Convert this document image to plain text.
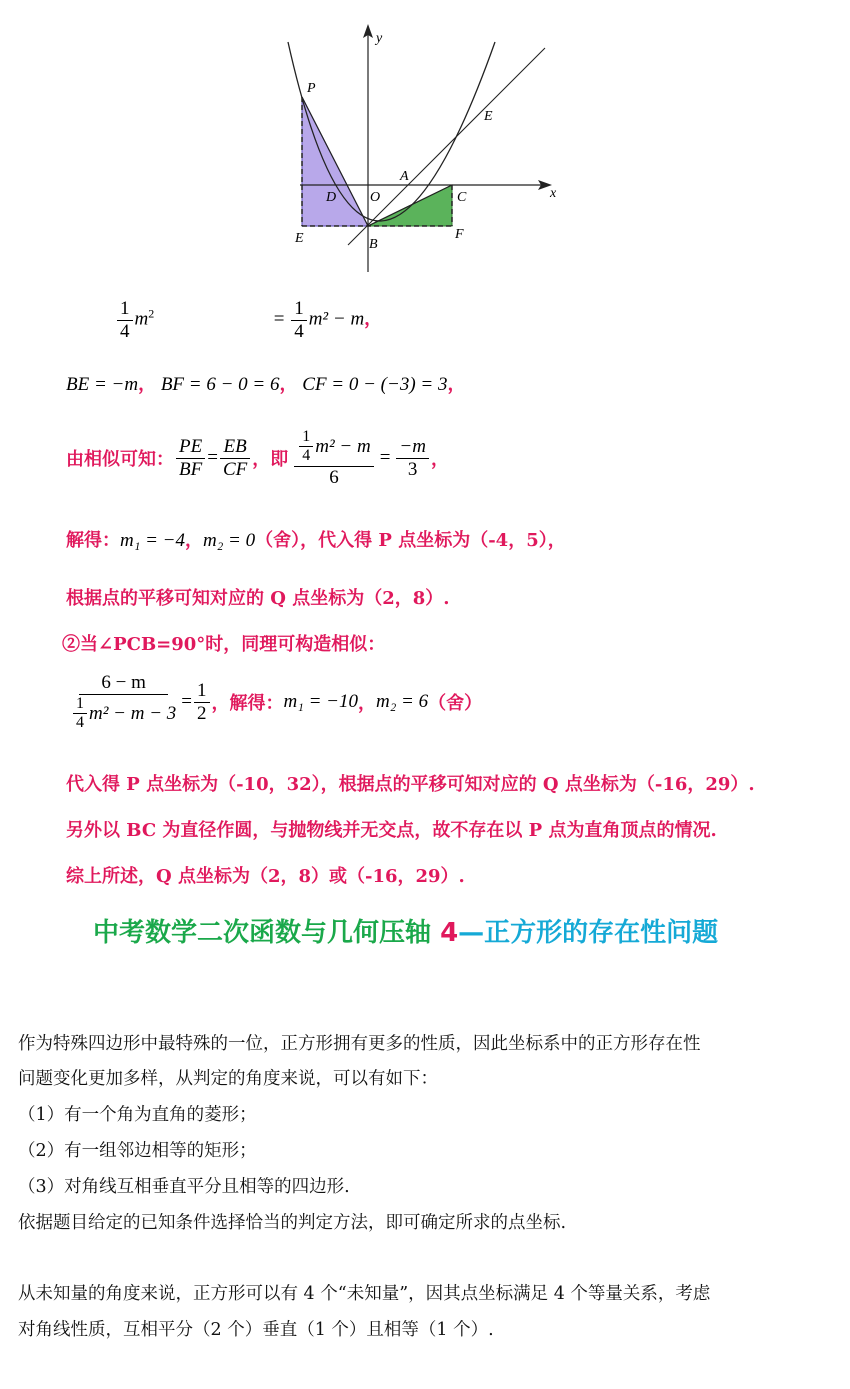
P
E
A
D O	C
E	B
F
x
y
$\frac{1}{4} m^2$	= $\frac{1}{4} m^2 - m$，
BE = −m， BF = 6 − 0 = 6， CF = 0 − (−3) = 3，
由相似可知： $\frac{PE}{BF} = \frac{EB}{CF}$ ，即 $\frac{\frac{1}{4} m^2 - m}{6} = \frac{-m}{3}$ ，
解得：m₁ = −4，m₂ = 0（舍），代入得 P 点坐标为（-4，5），
根据点的平移可知对应的 Q 点坐标为（2，8）.
②当∠PCB=90°时，同理可构造相似：
$\frac{6 - m}{\frac{1}{4} m^2 - m - 3} = \frac{1}{2}$ ，解得： m₁ = −10 ， m₂ = 6 （舍）
代入得 P 点坐标为（-10，32），根据点的平移可知对应的 Q 点坐标为（-16，29）.
另外以 BC 为直径作圆，与抛物线并无交点，故不存在以 P 点为直角顶点的情况.
综上所述，Q 点坐标为（2，8）或（-16，29）.
中考数学二次函数与几何压轴 4—正方形的存在性问题
作为特殊四边形中最特殊的一位，正方形拥有更多的性质，因此坐标系中的正方形存在性
问题变化更加多样，从判定的角度来说，可以有如下：
（1）有一个角为直角的菱形；
（2）有一组邻边相等的矩形；
（3）对角线互相垂直平分且相等的四边形.
依据题目给定的已知条件选择恰当的判定方法，即可确定所求的点坐标.
从未知量的角度来说，正方形可以有 4 个“未知量”，因其点坐标满足 4 个等量关系，考虑
对角线性质，互相平分（2 个）垂直（1 个）且相等（1 个）.
